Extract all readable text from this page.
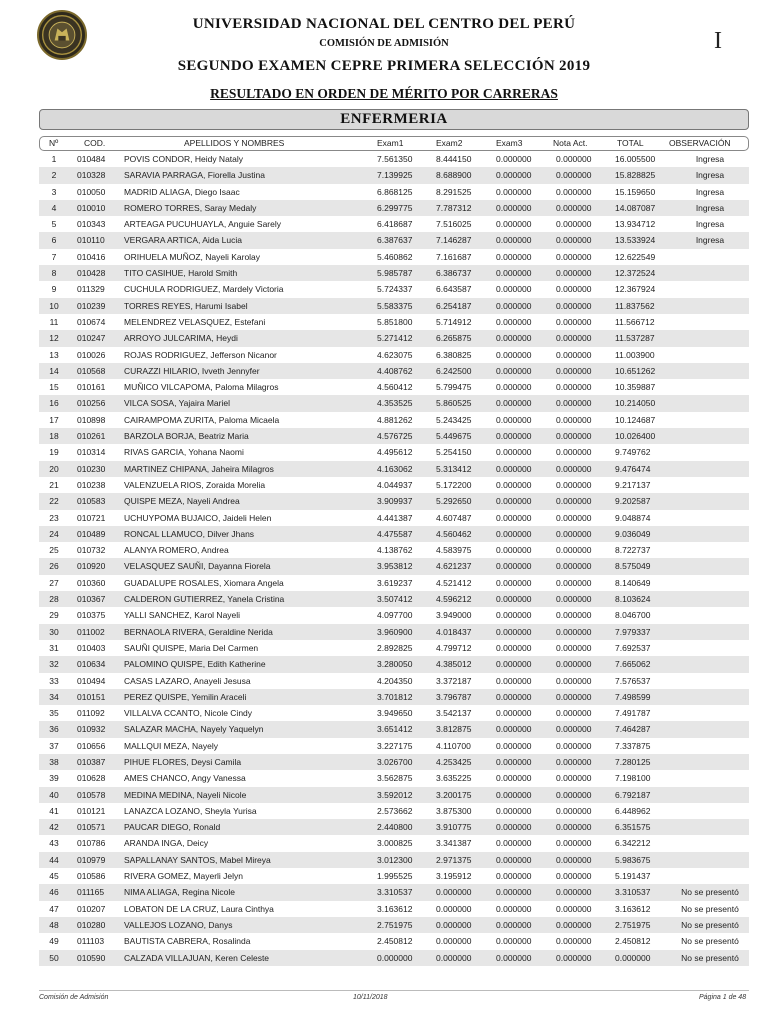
I
UNIVERSIDAD NACIONAL DEL CENTRO DEL PERÚ
COMISIÓN DE ADMISIÓN
SEGUNDO EXAMEN CEPRE PRIMERA SELECCIÓN 2019
RESULTADO EN ORDEN DE MÉRITO POR CARRERAS
ENFERMERIA
Nº	COD.	APELLIDOS Y NOMBRES	Exam1	Exam2	Exam3	Nota Act.	TOTAL	OBSERVACIÓN
1	010484 POVIS CONDOR, Heidy Nataly	7.561350	8.444150	0.000000	0.000000	16.005500	Ingresa
2	010328 SARAVIA PARRAGA, Fiorella Justina	7.139925	8.688900	0.000000	0.000000	15.828825	Ingresa
3	010050 MADRID ALIAGA, Diego Isaac	6.868125	8.291525	0.000000	0.000000	15.159650	Ingresa
4	010010 ROMERO TORRES, Saray Medaly	6.299775	7.787312	0.000000	0.000000	14.087087	Ingresa
5	010343 ARTEAGA PUCUHUAYLA, Anguie Sarely	6.418687	7.516025	0.000000	0.000000	13.934712	Ingresa
6	010110 VERGARA ARTICA, Aida Lucia	6.387637	7.146287	0.000000	0.000000	13.533924	Ingresa
7	010416 ORIHUELA MUÑOZ, Nayeli Karolay	5.460862	7.161687	0.000000	0.000000	12.622549
8	010428 TITO CASIHUE, Harold Smith	5.985787	6.386737	0.000000	0.000000	12.372524
9	011329 CUCHULA RODRIGUEZ, Mardely Victoria	5.724337	6.643587	0.000000	0.000000	12.367924
10	010239 TORRES REYES, Harumi Isabel	5.583375	6.254187	0.000000	0.000000	11.837562
11	010674 MELENDREZ VELASQUEZ, Estefani	5.851800	5.714912	0.000000	0.000000	11.566712
12	010247 ARROYO JULCARIMA, Heydi	5.271412	6.265875	0.000000	0.000000	11.537287
13	010026 ROJAS RODRIGUEZ, Jefferson Nicanor	4.623075	6.380825	0.000000	0.000000	11.003900
14	010568 CURAZZI HILARIO, Ivveth Jennyfer	4.408762	6.242500	0.000000	0.000000	10.651262
15	010161 MUÑICO VILCAPOMA, Paloma Milagros	4.560412	5.799475	0.000000	0.000000	10.359887
16	010256 VILCA SOSA, Yajaira Mariel	4.353525	5.860525	0.000000	0.000000	10.214050
17	010898 CAIRAMPOMA ZURITA, Paloma Micaela	4.881262	5.243425	0.000000	0.000000	10.124687
18	010261 BARZOLA BORJA, Beatriz Maria	4.576725	5.449675	0.000000	0.000000	10.026400
19	010314 RIVAS GARCIA, Yohana Naomi	4.495612	5.254150	0.000000	0.000000	9.749762
20	010230 MARTINEZ CHIPANA, Jaheira Milagros	4.163062	5.313412	0.000000	0.000000	9.476474
21	010238 VALENZUELA RIOS, Zoraida Morelia	4.044937	5.172200	0.000000	0.000000	9.217137
22	010583 QUISPE MEZA, Nayeli Andrea	3.909937	5.292650	0.000000	0.000000	9.202587
23	010721 UCHUYPOMA BUJAICO, Jaideli Helen	4.441387	4.607487	0.000000	0.000000	9.048874
24	010489 RONCAL LLAMUCO, Dilver Jhans	4.475587	4.560462	0.000000	0.000000	9.036049
25	010732 ALANYA ROMERO, Andrea	4.138762	4.583975	0.000000	0.000000	8.722737
26	010920 VELASQUEZ SAUÑI, Dayanna Fiorela	3.953812	4.621237	0.000000	0.000000	8.575049
27	010360 GUADALUPE ROSALES, Xiomara Angela	3.619237	4.521412	0.000000	0.000000	8.140649
28	010367 CALDERON GUTIERREZ, Yanela Cristina	3.507412	4.596212	0.000000	0.000000	8.103624
29	010375 YALLI SANCHEZ, Karol Nayeli	4.097700	3.949000	0.000000	0.000000	8.046700
30	011002 BERNAOLA RIVERA, Geraldine Nerida	3.960900	4.018437	0.000000	0.000000	7.979337
31	010403 SAUÑI QUISPE, Maria Del Carmen	2.892825	4.799712	0.000000	0.000000	7.692537
32	010634 PALOMINO QUISPE, Edith Katherine	3.280050	4.385012	0.000000	0.000000	7.665062
33	010494 CASAS LAZARO, Anayeli Jesusa	4.204350	3.372187	0.000000	0.000000	7.576537
34	010151 PEREZ QUISPE, Yemilin Araceli	3.701812	3.796787	0.000000	0.000000	7.498599
35	011092 VILLALVA CCANTO, Nicole Cindy	3.949650	3.542137	0.000000	0.000000	7.491787
36	010932 SALAZAR MACHA, Nayely Yaquelyn	3.651412	3.812875	0.000000	0.000000	7.464287
37	010656 MALLQUI MEZA, Nayely	3.227175	4.110700	0.000000	0.000000	7.337875
38	010387 PIHUE FLORES, Deysi Camila	3.026700	4.253425	0.000000	0.000000	7.280125
39	010628 AMES CHANCO, Angy Vanessa	3.562875	3.635225	0.000000	0.000000	7.198100
40	010578 MEDINA MEDINA, Nayeli Nicole	3.592012	3.200175	0.000000	0.000000	6.792187
41	010121 LANAZCA LOZANO, Sheyla Yurisa	2.573662	3.875300	0.000000	0.000000	6.448962
42	010571 PAUCAR DIEGO, Ronald	2.440800	3.910775	0.000000	0.000000	6.351575
43	010786 ARANDA INGA, Deicy	3.000825	3.341387	0.000000	0.000000	6.342212
44	010979 SAPALLANAY SANTOS, Mabel Mireya	3.012300	2.971375	0.000000	0.000000	5.983675
45	010586 RIVERA GOMEZ, Mayerli Jelyn	1.995525	3.195912	0.000000	0.000000	5.191437
46	011165 NIMA ALIAGA, Regina Nicole	3.310537	0.000000	0.000000	0.000000	3.310537	No se presentó
47	010207 LOBATON DE LA CRUZ, Laura Cinthya	3.163612	0.000000	0.000000	0.000000	3.163612	No se presentó
48	010280 VALLEJOS LOZANO, Danys	2.751975	0.000000	0.000000	0.000000	2.751975	No se presentó
49	011103 BAUTISTA CABRERA, Rosalinda	2.450812	0.000000	0.000000	0.000000	2.450812	No se presentó
50	010590 CALZADA VILLAJUAN, Keren Celeste	0.000000	0.000000	0.000000	0.000000	0.000000	No se presentó
Comisión de Admisión	10/11/2018	Página 1 de 48
